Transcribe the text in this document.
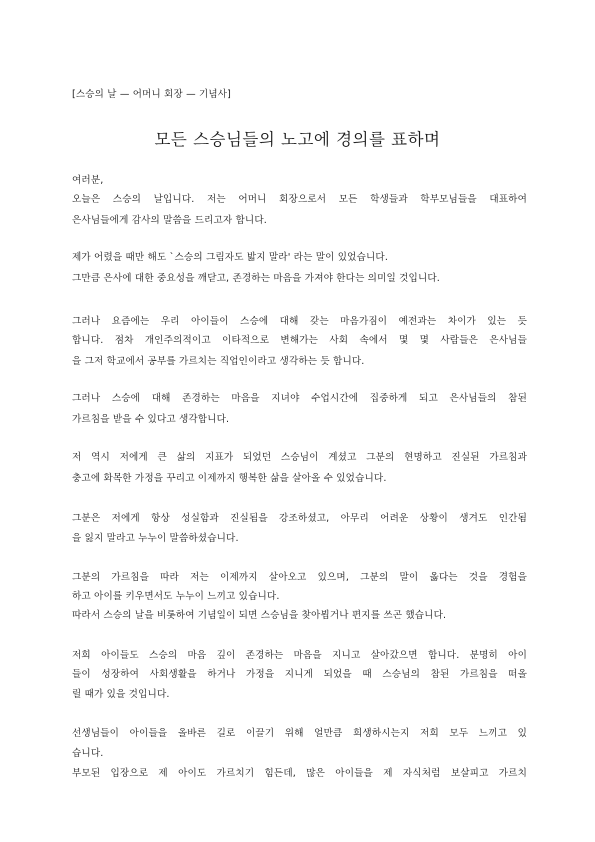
[스승의 날 — 어머니 회장 — 기념사]
모든 스승님들의 노고에 경의를 표하며
여러분,
오늘은 스승의 날입니다. 저는 어머니 회장으로서 모든 학생들과 학부모님들을 대표하여
은사님들에게 감사의 말씀을 드리고자 합니다.
제가 어렸을 때만 해도 `스승의 그림자도 밟지 말라' 라는 말이 있었습니다.
그만큼 은사에 대한 중요성을 깨닫고, 존경하는 마음을 가져야 한다는 의미일 것입니다.
그러나 요즘에는 우리 아이들이 스승에 대해 갖는 마음가짐이 예전과는 차이가 있는 듯
합니다. 점차 개인주의적이고 이타적으로 변해가는 사회 속에서 몇 몇 사람들은 은사님들
을 그저 학교에서 공부를 가르치는 직업인이라고 생각하는 듯 합니다.
그러나 스승에 대해 존경하는 마음을 지녀야 수업시간에 집중하게 되고 은사님들의 참된
가르침을 받을 수 있다고 생각합니다.
저 역시 저에게 큰 삶의 지표가 되었던 스승님이 계셨고 그분의 현명하고 진실된 가르침과
충고에 화목한 가정을 꾸리고 이제까지 행복한 삶을 살아올 수 있었습니다.
그분은 저에게 항상 성실함과 진실됨을 강조하셨고, 아무리 어려운 상황이 생겨도 인간됨
을 잃지 말라고 누누이 말씀하셨습니다.
그분의 가르침을 따라 저는 이제까지 살아오고 있으며, 그분의 말이 옳다는 것을 경험을
하고 아이를 키우면서도 누누이 느끼고 있습니다.
따라서 스승의 날을 비롯하여 기념일이 되면 스승님을 찾아뵙거나 편지를 쓰곤 했습니다.
저희 아이들도 스승의 마음 깊이 존경하는 마음을 지니고 살아갔으면 합니다. 분명히 아이
들이 성장하여 사회생활을 하거나 가정을 지니게 되었을 때 스승님의 참된 가르침을 떠올
릴 때가 있을 것입니다.
선생님들이 아이들을 올바른 길로 이끌기 위해 얼만큼 희생하시는지 저희 모두 느끼고 있
습니다.
부모된 입장으로 제 아이도 가르치기 힘든데, 많은 아이들을 제 자식처럼 보살피고 가르치
